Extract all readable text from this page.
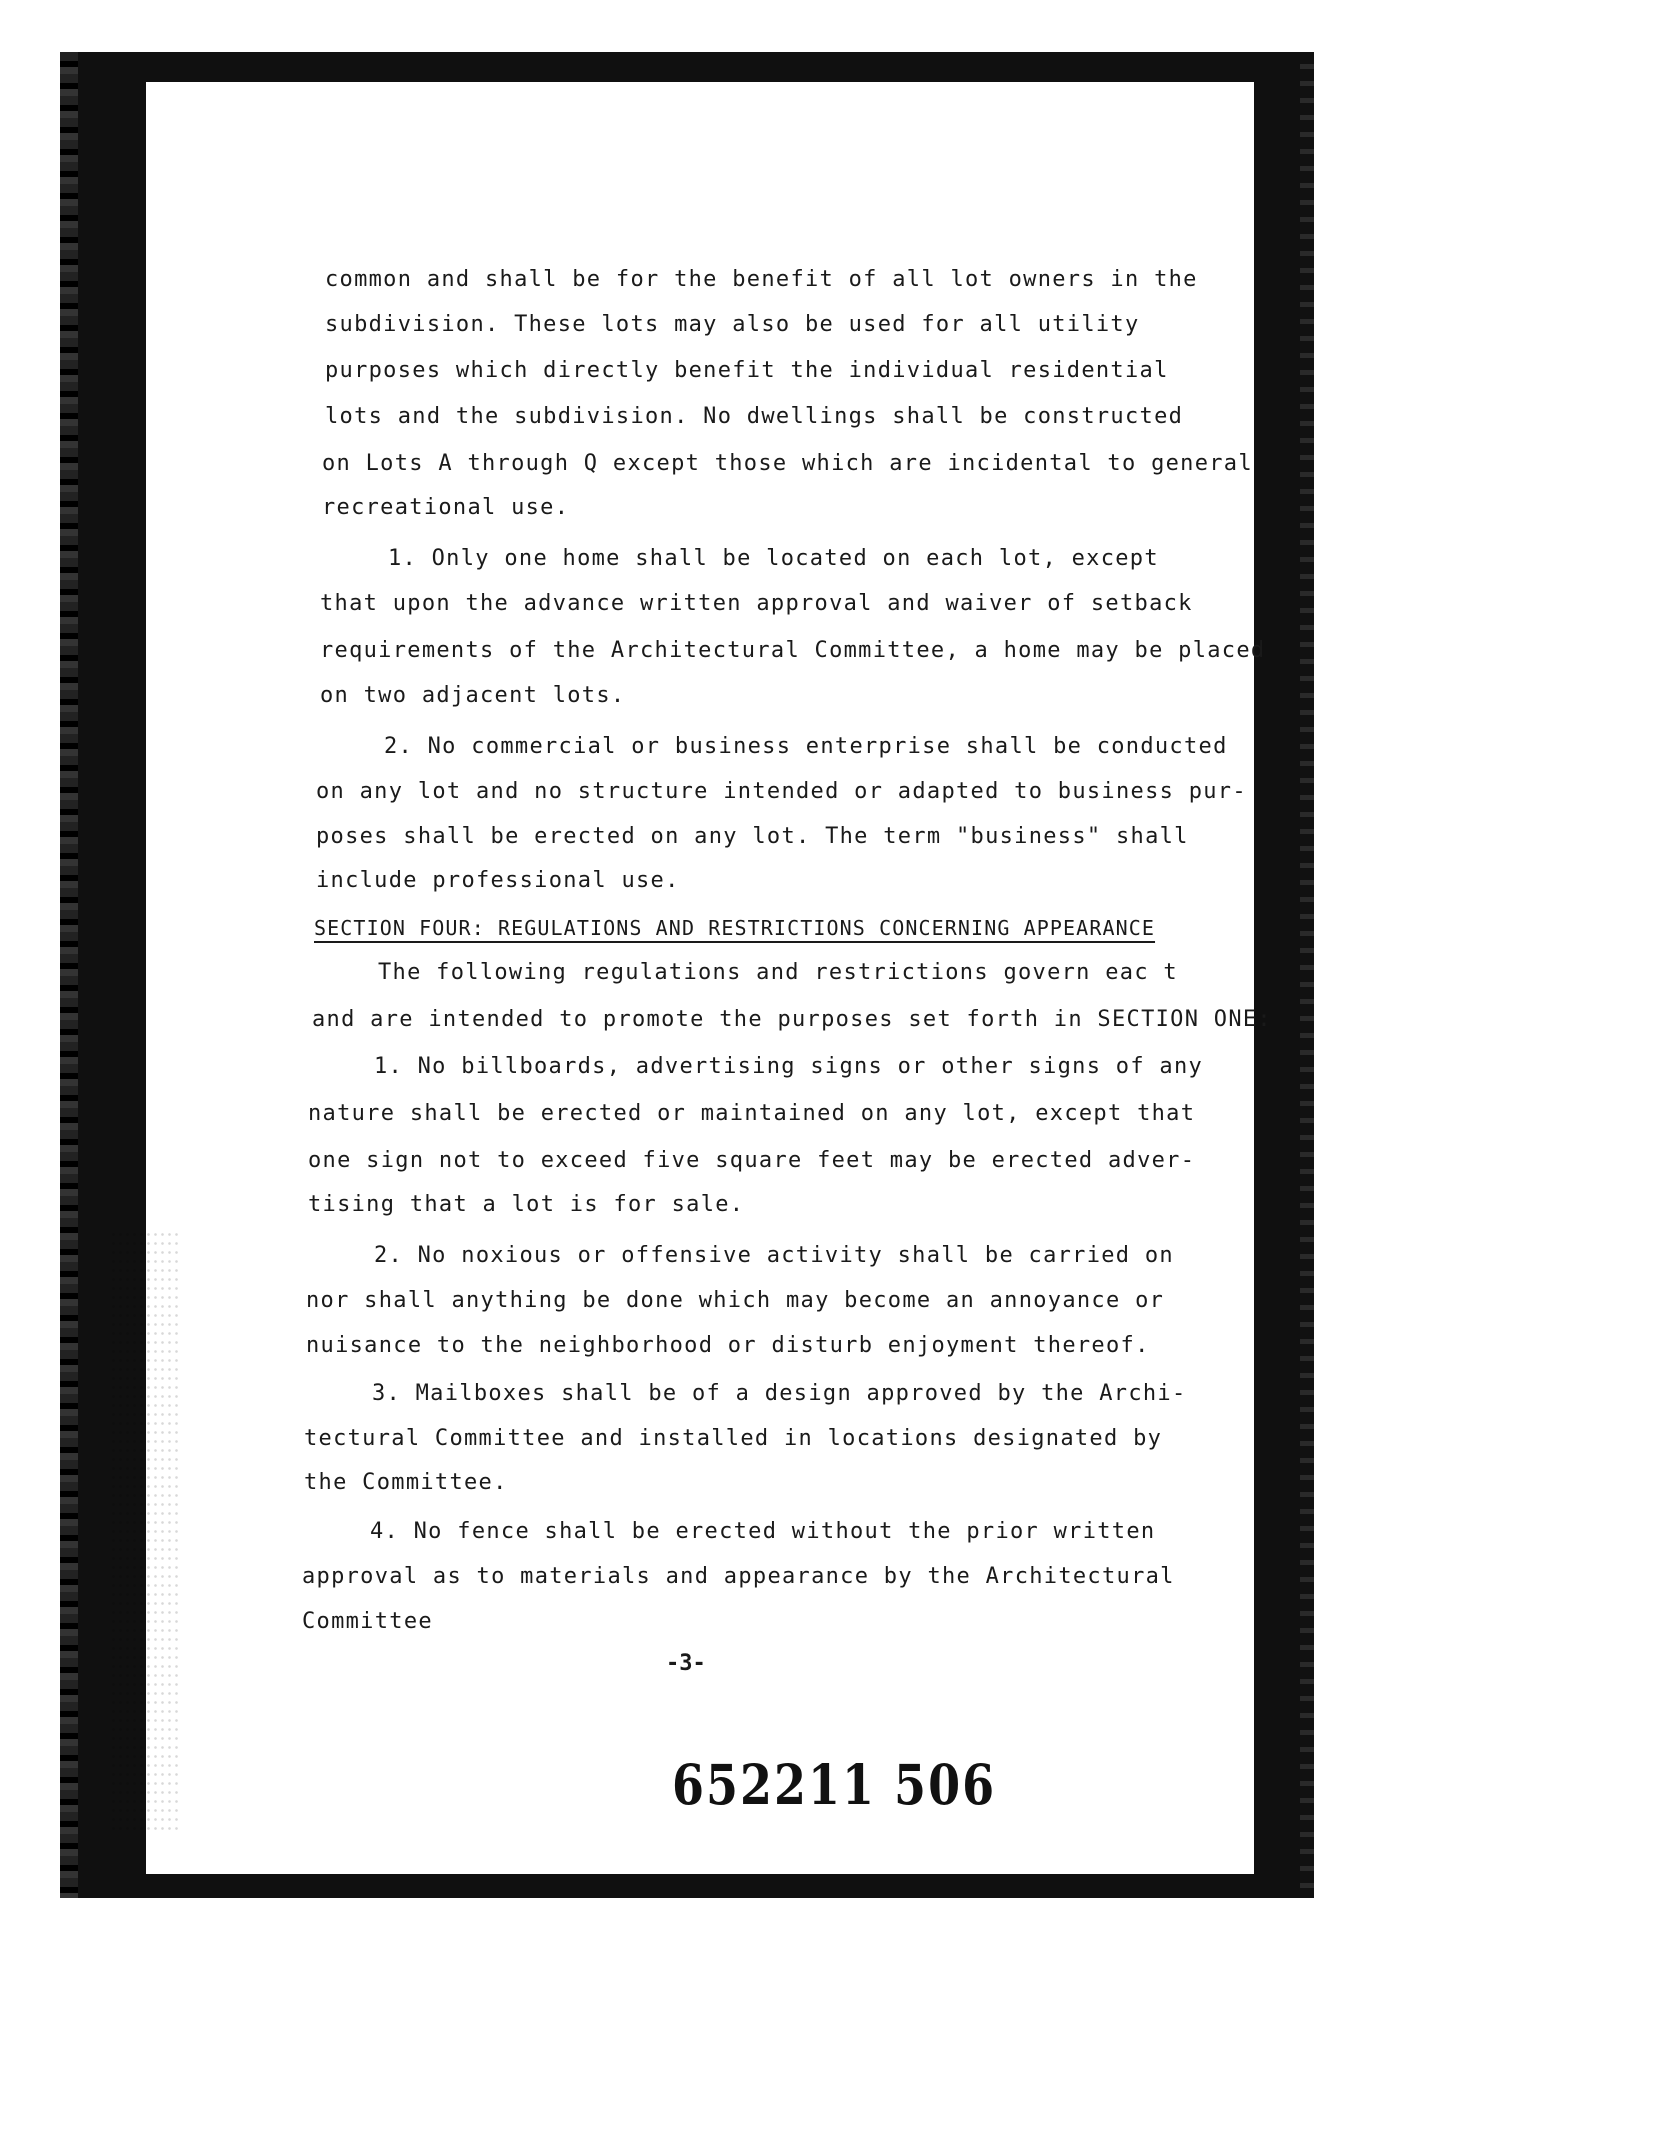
common and shall be for the benefit of all lot owners in the
subdivision. These lots may also be used for all utility
purposes which directly benefit the individual residential
lots and the subdivision. No dwellings shall be constructed
on Lots A through Q except those which are incidental to general
recreational use.
1. Only one home shall be located on each lot, except
that upon the advance written approval and waiver of setback
requirements of the Architectural Committee, a home may be placed
on two adjacent lots.
2. No commercial or business enterprise shall be conducted
on any lot and no structure intended or adapted to business pur-
poses shall be erected on any lot. The term "business" shall
include professional use.
SECTION FOUR: REGULATIONS AND RESTRICTIONS CONCERNING APPEARANCE
The following regulations and restrictions govern eac t
and are intended to promote the purposes set forth in SECTION ONE:
1. No billboards, advertising signs or other signs of any
nature shall be erected or maintained on any lot, except that
one sign not to exceed five square feet may be erected adver-
tising that a lot is for sale.
2. No noxious or offensive activity shall be carried on
nor shall anything be done which may become an annoyance or
nuisance to the neighborhood or disturb enjoyment thereof.
3. Mailboxes shall be of a design approved by the Archi-
tectural Committee and installed in locations designated by
the Committee.
4. No fence shall be erected without the prior written
approval as to materials and appearance by the Architectural
Committee
-3-
652211 506
